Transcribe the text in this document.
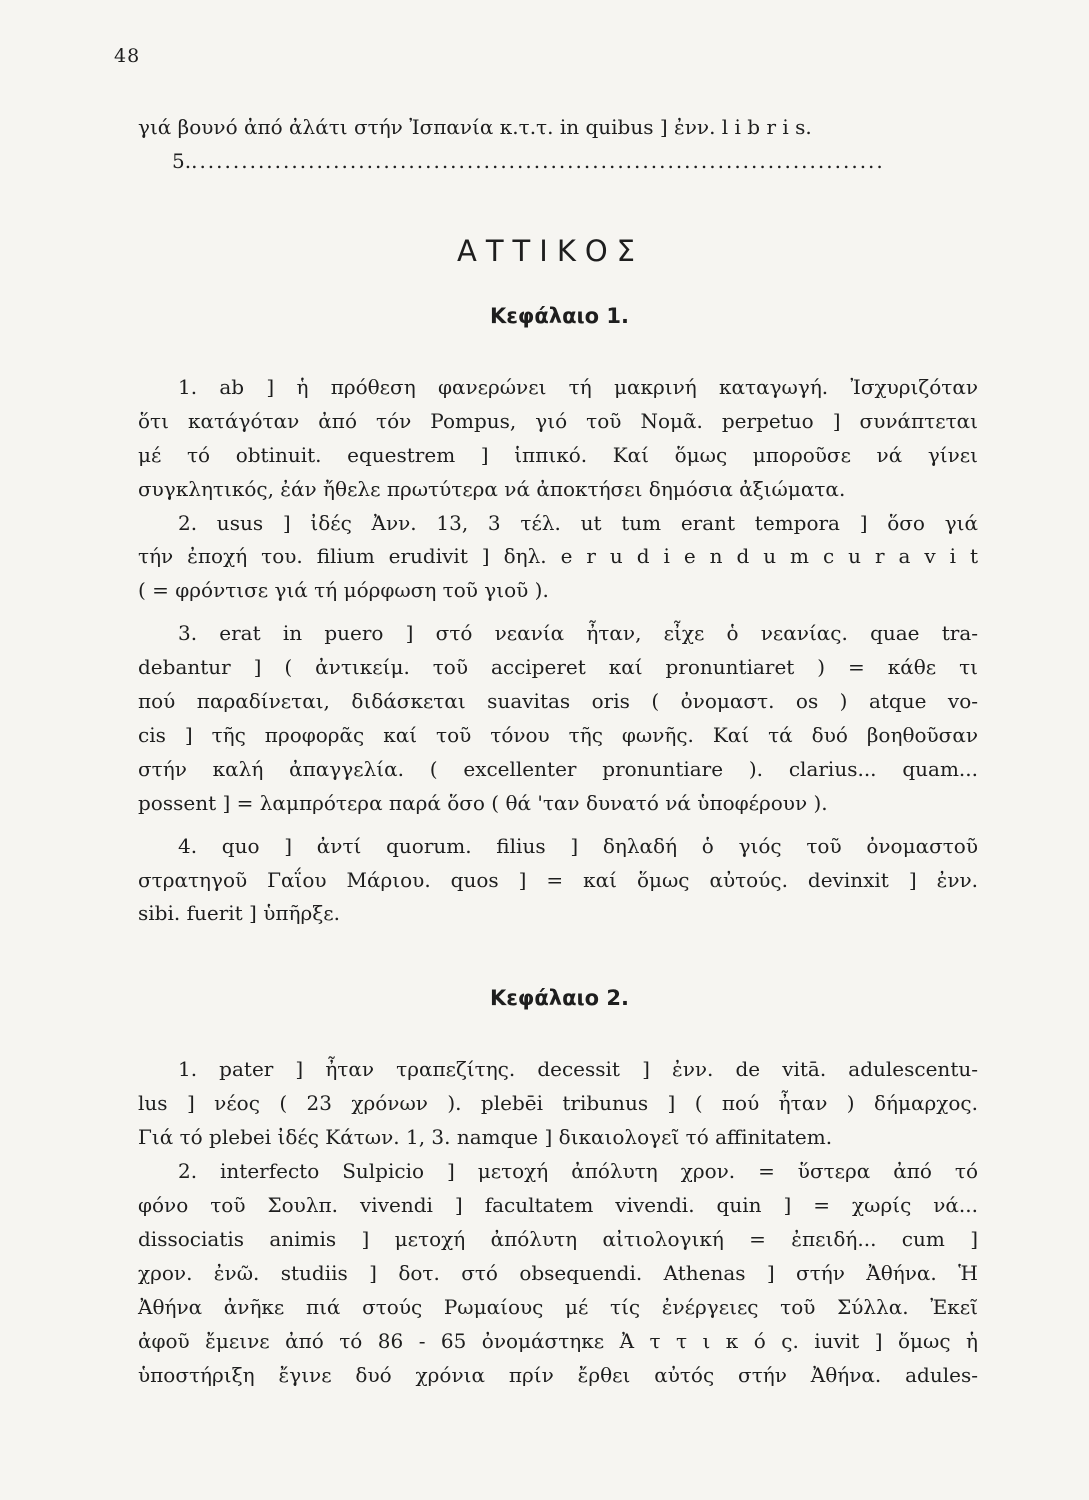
48
γιά βουνό ἀπό ἀλάτι στήν Ἰσπανία κ.τ.τ. in quibus ] ἐνν. l i b r i s.
5....................................................................................
ΑΤΤΙΚΟΣ
Κεφάλαιο 1.
1. ab ] ἡ πρόθεση φανερώνει τή μακρινή καταγωγή. Ἰσχυριζόταν
ὅτι κατάγόταν ἀπό τόν Pompus, γιό τοῦ Νομᾶ. perpetuo ] συνάπτεται
μέ τό obtinuit. equestrem ] ἱππικό. Καί ὅμως μποροῦσε νά γίνει
συγκλητικός, ἐάν ἤθελε πρωτύτερα νά ἀποκτήσει δημόσια ἀξιώματα.
2. usus ] ἰδές Ἀνν. 13, 3 τέλ. ut tum erant tempora ] ὅσο γιά
τήν ἐποχή του. filium erudivit ] δηλ. e r u d i e n d u m c u r a v i t
( = φρόντισε γιά τή μόρφωση τοῦ γιοῦ ).
3. erat in puero ] στό νεανία ἦταν, εἶχε ὁ νεανίας. quae tra-
debantur ] ( ἀντικείμ. τοῦ acciperet καί pronuntiaret ) = κάθε τι
πού παραδίνεται, διδάσκεται suavitas oris ( ὀνομαστ. os ) atque vo-
cis ] τῆς προφορᾶς καί τοῦ τόνου τῆς φωνῆς. Καί τά δυό βοηθοῦσαν
στήν καλή ἀπαγγελία. ( excellenter pronuntiare ). clarius... quam...
possent ] = λαμπρότερα παρά ὅσο ( θά 'ταν δυνατό νά ὑποφέρουν ).
4. quo ] ἀντί quorum. filius ] δηλαδή ὁ γιός τοῦ ὀνομαστοῦ
στρατηγοῦ Γαΐου Μάριου. quos ] = καί ὅμως αὐτούς. devinxit ] ἐνν.
sibi. fuerit ] ὑπῆρξε.
Κεφάλαιο 2.
1. pater ] ἦταν τραπεζίτης. decessit ] ἐνν. de vitā. adulescentu-
lus ] νέος ( 23 χρόνων ). plebēi tribunus ] ( πού ἦταν ) δήμαρχος.
Γιά τό plebei ἰδές Κάτων. 1, 3. namque ] δικαιολογεῖ τό affinitatem.
2. interfecto Sulpicio ] μετοχή ἀπόλυτη χρον. = ὕστερα ἀπό τό
φόνο τοῦ Σουλπ. vivendi ] facultatem vivendi. quin ] = χωρίς νά...
dissociatis animis ] μετοχή ἀπόλυτη αἰτιολογική = ἐπειδή... cum ]
χρον. ἐνῶ. studiis ] δοτ. στό obsequendi. Athenas ] στήν Ἀθήνα. Ἡ
Ἀθήνα ἀνῆκε πιά στούς Ρωμαίους μέ τίς ἐνέργειες τοῦ Σύλλα. Ἐκεῖ
ἀφοῦ ἔμεινε ἀπό τό 86 - 65 ὀνομάστηκε Ἀ τ τ ι κ ό ς. iuvit ] ὅμως ἡ
ὑποστήριξη ἔγινε δυό χρόνια πρίν ἔρθει αὐτός στήν Ἀθήνα. adules-
